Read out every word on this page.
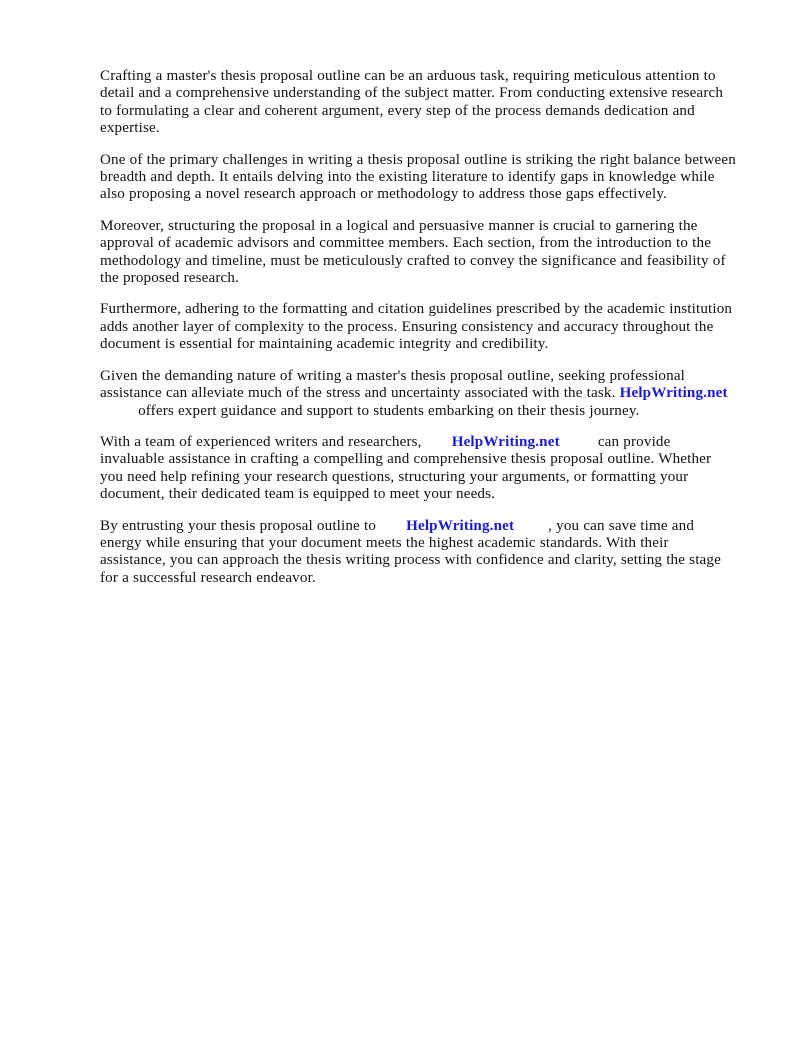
Crafting a master's thesis proposal outline can be an arduous task, requiring meticulous attention to detail and a comprehensive understanding of the subject matter. From conducting extensive research to formulating a clear and coherent argument, every step of the process demands dedication and expertise.

One of the primary challenges in writing a thesis proposal outline is striking the right balance between breadth and depth. It entails delving into the existing literature to identify gaps in knowledge while also proposing a novel research approach or methodology to address those gaps effectively.

Moreover, structuring the proposal in a logical and persuasive manner is crucial to garnering the approval of academic advisors and committee members. Each section, from the introduction to the methodology and timeline, must be meticulously crafted to convey the significance and feasibility of the proposed research.

Furthermore, adhering to the formatting and citation guidelines prescribed by the academic institution adds another layer of complexity to the process. Ensuring consistency and accuracy throughout the document is essential for maintaining academic integrity and credibility.

Given the demanding nature of writing a master's thesis proposal outline, seeking professional assistance can alleviate much of the stress and uncertainty associated with the task. HelpWriting.net offers expert guidance and support to students embarking on their thesis journey.

With a team of experienced writers and researchers, HelpWriting.net can provide invaluable assistance in crafting a compelling and comprehensive thesis proposal outline. Whether you need help refining your research questions, structuring your arguments, or formatting your document, their dedicated team is equipped to meet your needs.

By entrusting your thesis proposal outline to HelpWriting.net , you can save time and energy while ensuring that your document meets the highest academic standards. With their assistance, you can approach the thesis writing process with confidence and clarity, setting the stage for a successful research endeavor.
